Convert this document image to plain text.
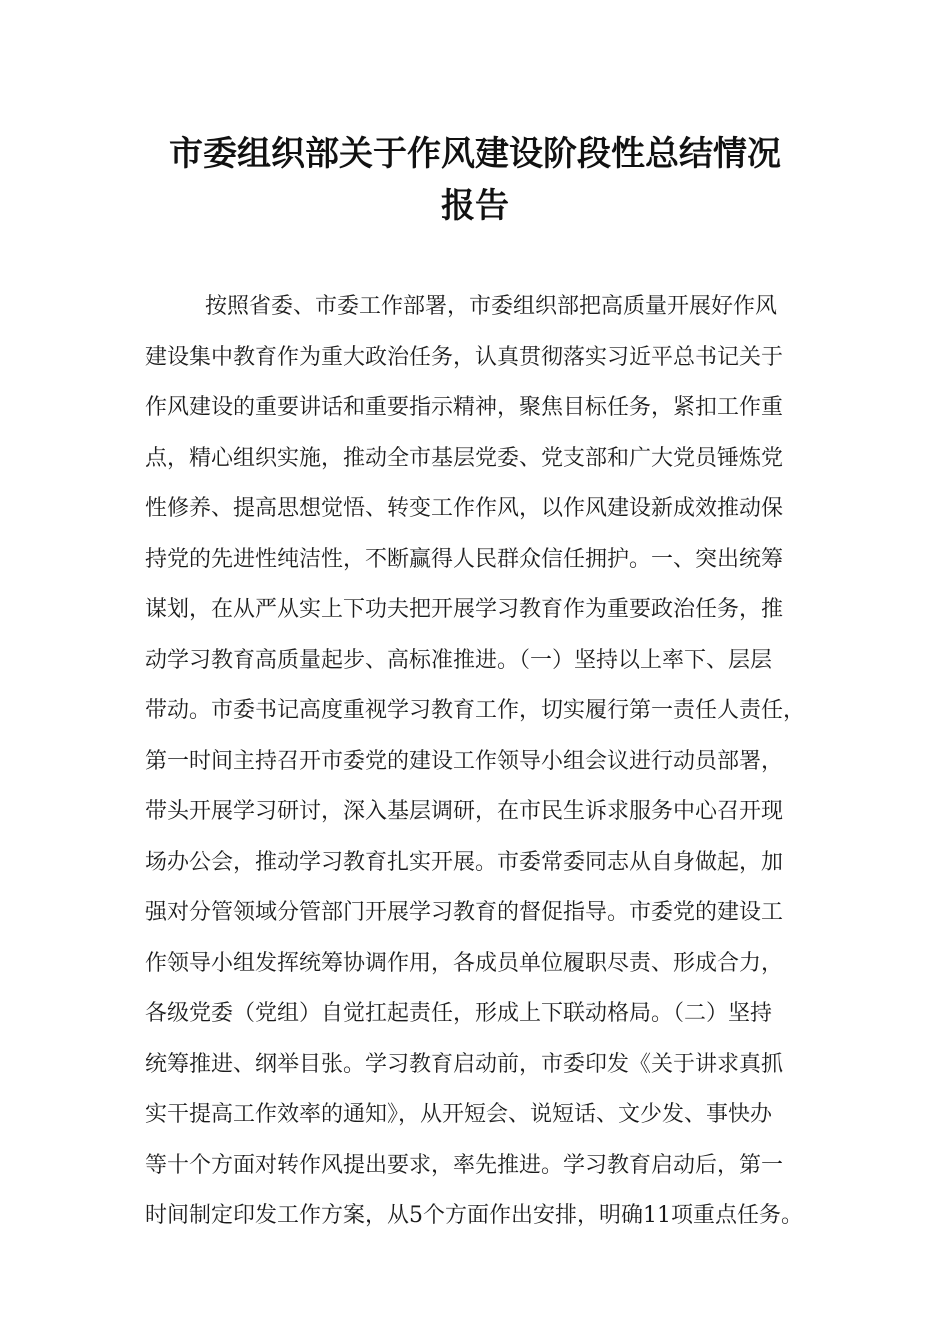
市委组织部关于作风建设阶段性总结情况
报告

按照省委、市委工作部署，市委组织部把高质量开展好作风

建设集中教育作为重大政治任务，认真贯彻落实习近平总书记关于

作风建设的重要讲话和重要指示精神，聚焦目标任务，紧扣工作重

点，精心组织实施，推动全市基层党委、党支部和广大党员锤炼党

性修养、提高思想觉悟、转变工作作风，以作风建设新成效推动保

持党的先进性纯洁性，不断赢得人民群众信任拥护。一、突出统筹

谋划，在从严从实上下功夫把开展学习教育作为重要政治任务，推

动学习教育高质量起步、高标准推进。（一）坚持以上率下、层层

带动。市委书记高度重视学习教育工作，切实履行第一责任人责任，

第一时间主持召开市委党的建设工作领导小组会议进行动员部署，

带头开展学习研讨，深入基层调研，在市民生诉求服务中心召开现

场办公会，推动学习教育扎实开展。市委常委同志从自身做起，加

强对分管领域分管部门开展学习教育的督促指导。市委党的建设工

作领导小组发挥统筹协调作用，各成员单位履职尽责、形成合力，

各级党委（党组）自觉扛起责任，形成上下联动格局。（二）坚持

统筹推进、纲举目张。学习教育启动前，市委印发《关于讲求真抓

实干提高工作效率的通知》，从开短会、说短话、文少发、事快办

等十个方面对转作风提出要求，率先推进。学习教育启动后，第一

时间制定印发工作方案，从5个方面作出安排，明确11项重点任务。
